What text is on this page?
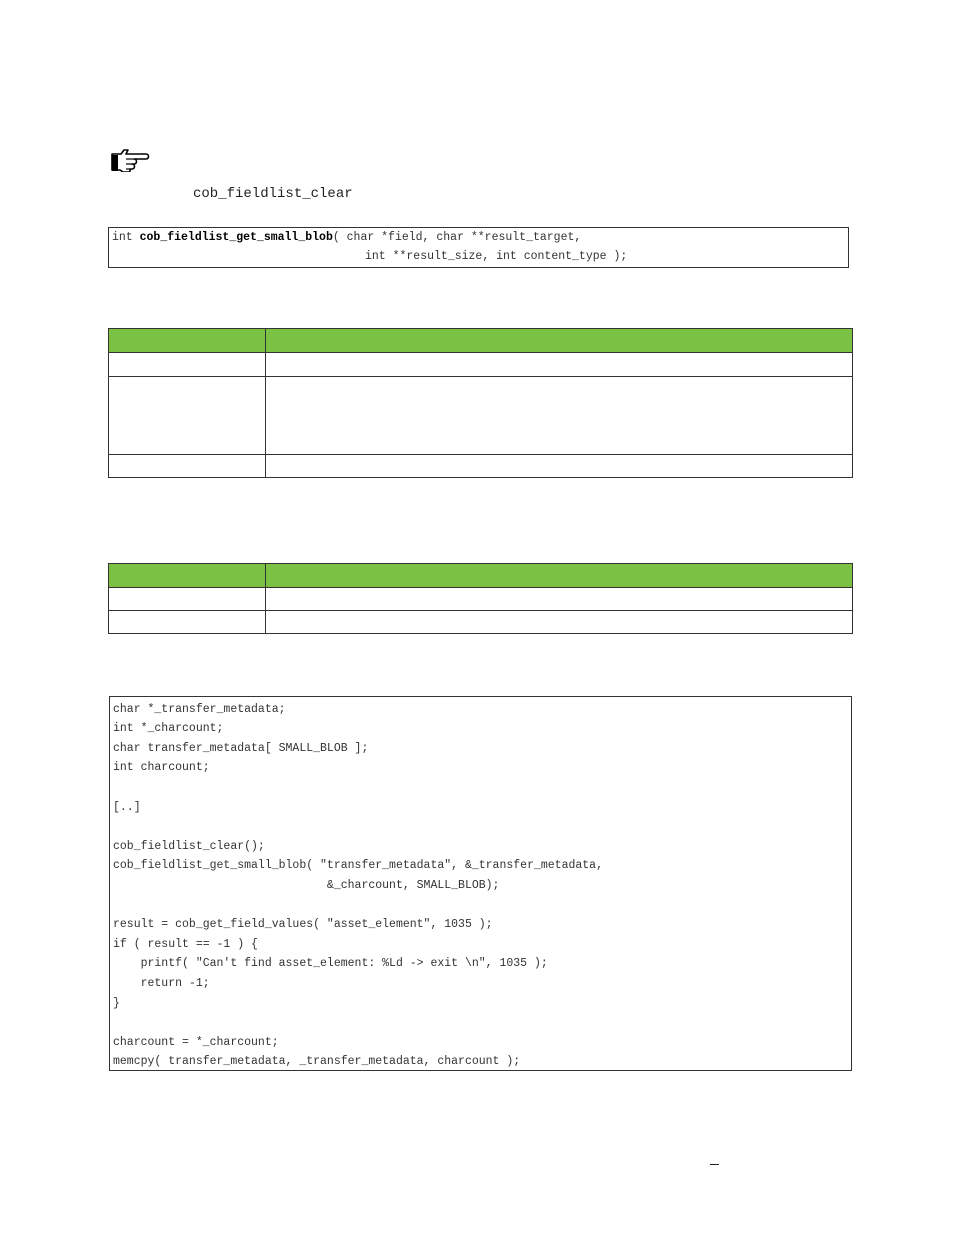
cob_fieldlist_clear
int cob_fieldlist_get_small_blob( char *field, char **result_target,
int **result_size, int content_type );

char *_transfer_metadata;
int *_charcount;
char transfer_metadata[ SMALL_BLOB ];
int charcount;
[..]
cob_fieldlist_clear();
cob_fieldlist_get_small_blob( "transfer_metadata", &_transfer_metadata,
&_charcount, SMALL_BLOB);
result = cob_get_field_values( "asset_element", 1035 );
if ( result == -1 ) {
printf( "Can't find asset_element: %Ld -> exit \n", 1035 );
return -1;
}
charcount = *_charcount;
memcpy( transfer_metadata, _transfer_metadata, charcount );
